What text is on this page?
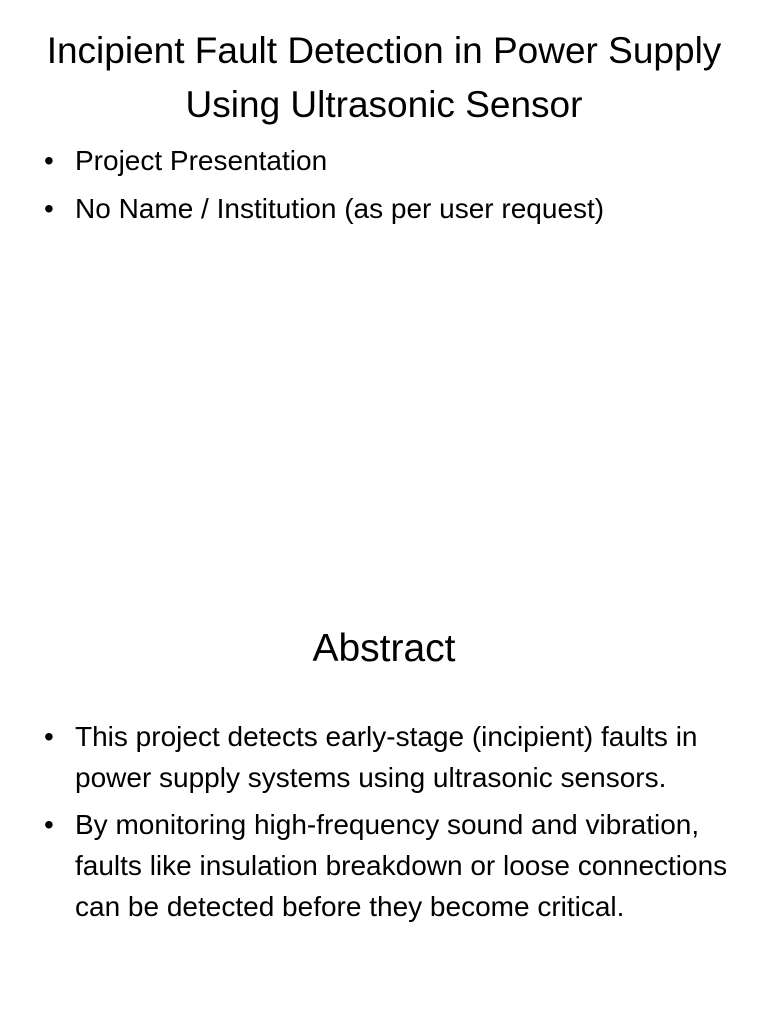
Incipient Fault Detection in Power Supply Using Ultrasonic Sensor
• Project Presentation
• No Name / Institution (as per user request)
Abstract
• This project detects early-stage (incipient) faults in power supply systems using ultrasonic sensors.
• By monitoring high-frequency sound and vibration, faults like insulation breakdown or loose connections can be detected before they become critical.
